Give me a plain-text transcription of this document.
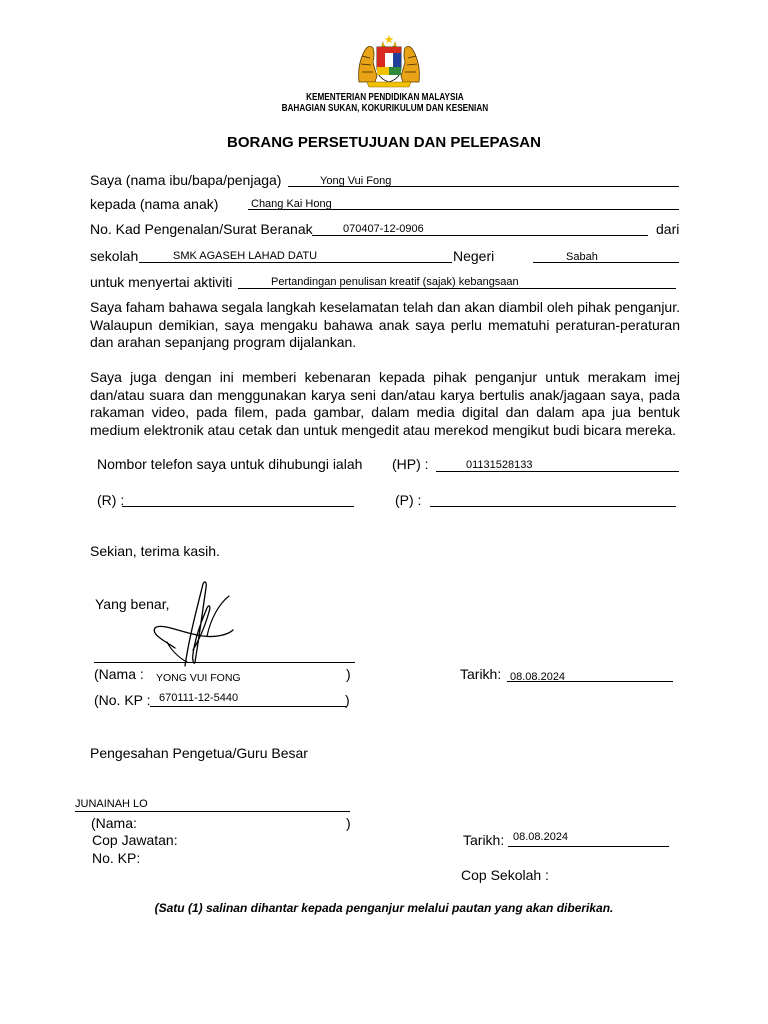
KEMENTERIAN PENDIDIKAN MALAYSIA
BAHAGIAN SUKAN, KOKURIKULUM DAN KESENIAN
BORANG PERSETUJUAN DAN PELEPASAN
Saya (nama ibu/bapa/penjaga)	Yong Vui Fong
kepada (nama anak)	Chang Kai Hong
No. Kad Pengenalan/Surat Beranak	070407-12-0906	dari
sekolah	SMK AGASEH LAHAD DATU	Negeri	Sabah
untuk menyertai aktiviti	Pertandingan penulisan kreatif (sajak) kebangsaan
Saya faham bahawa segala langkah keselamatan telah dan akan diambil oleh pihak penganjur. Walaupun demikian, saya mengaku bahawa anak saya perlu mematuhi peraturan-peraturan dan arahan sepanjang program dijalankan.
Saya juga dengan ini memberi kebenaran kepada pihak penganjur untuk merakam imej dan/atau suara dan menggunakan karya seni dan/atau karya bertulis anak/jagaan saya, pada rakaman video, pada filem, pada gambar, dalam media digital dan dalam apa jua bentuk medium elektronik atau cetak dan untuk mengedit atau merekod mengikut budi bicara mereka.
Nombor telefon saya untuk dihubungi ialah (HP) :	01131528133
(R) :	(P) :
Sekian, terima kasih.
Yang benar,
(Nama : YONG VUI FONG	)
(No. KP : 670111-12-5440	)
Tarikh: 08.08.2024
Pengesahan Pengetua/Guru Besar
JUNAINAH LO
(Nama:	)
Cop Jawatan:
No. KP:
Tarikh: 08.08.2024
Cop Sekolah :
(Satu (1) salinan dihantar kepada penganjur melalui pautan yang akan diberikan.
